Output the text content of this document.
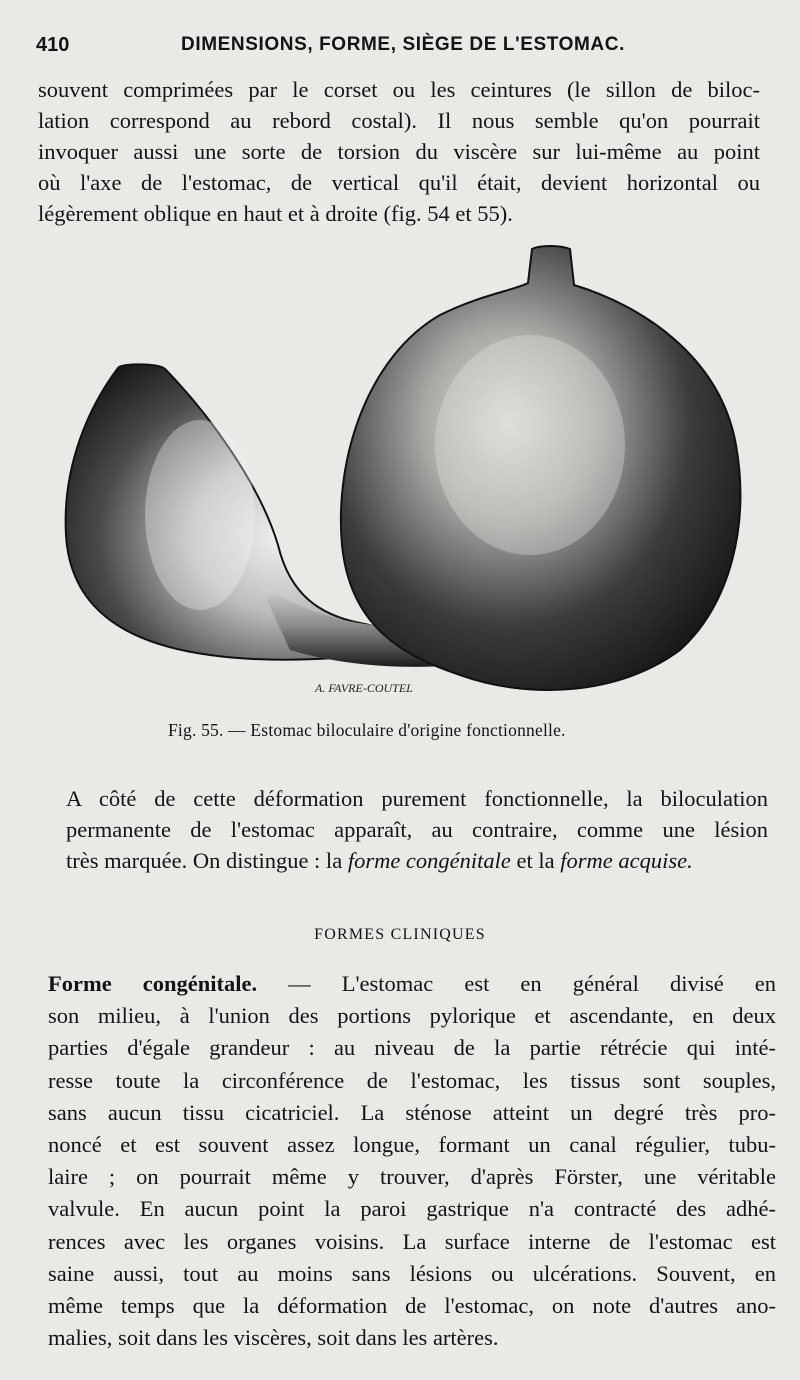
410	DIMENSIONS, FORME, SIÈGE DE L'ESTOMAC.
souvent comprimées par le corset ou les ceintures (le sillon de biloc-
lation correspond au rebord costal). Il nous semble qu'on pourrait
invoquer aussi une sorte de torsion du viscère sur lui-même au point
où l'axe de l'estomac, de vertical qu'il était, devient horizontal ou
légèrement oblique en haut et à droite (fig. 54 et 55).
A. FAVRE-COUTEL
Fig. 55. — Estomac biloculaire d'origine fonctionnelle.
A côté de cette déformation purement fonctionnelle, la biloculation
permanente de l'estomac apparaît, au contraire, comme une lésion
très marquée. On distingue : la forme congénitale et la forme acquise.
FORMES CLINIQUES
Forme congénitale. — L'estomac est en général divisé en
son milieu, à l'union des portions pylorique et ascendante, en deux
parties d'égale grandeur : au niveau de la partie rétrécie qui inté-
resse toute la circonférence de l'estomac, les tissus sont souples,
sans aucun tissu cicatriciel. La sténose atteint un degré très pro-
noncé et est souvent assez longue, formant un canal régulier, tubu-
laire ; on pourrait même y trouver, d'après Förster, une véritable
valvule. En aucun point la paroi gastrique n'a contracté des adhé-
rences avec les organes voisins. La surface interne de l'estomac est
saine aussi, tout au moins sans lésions ou ulcérations. Souvent, en
même temps que la déformation de l'estomac, on note d'autres ano-
malies, soit dans les viscères, soit dans les artères.
